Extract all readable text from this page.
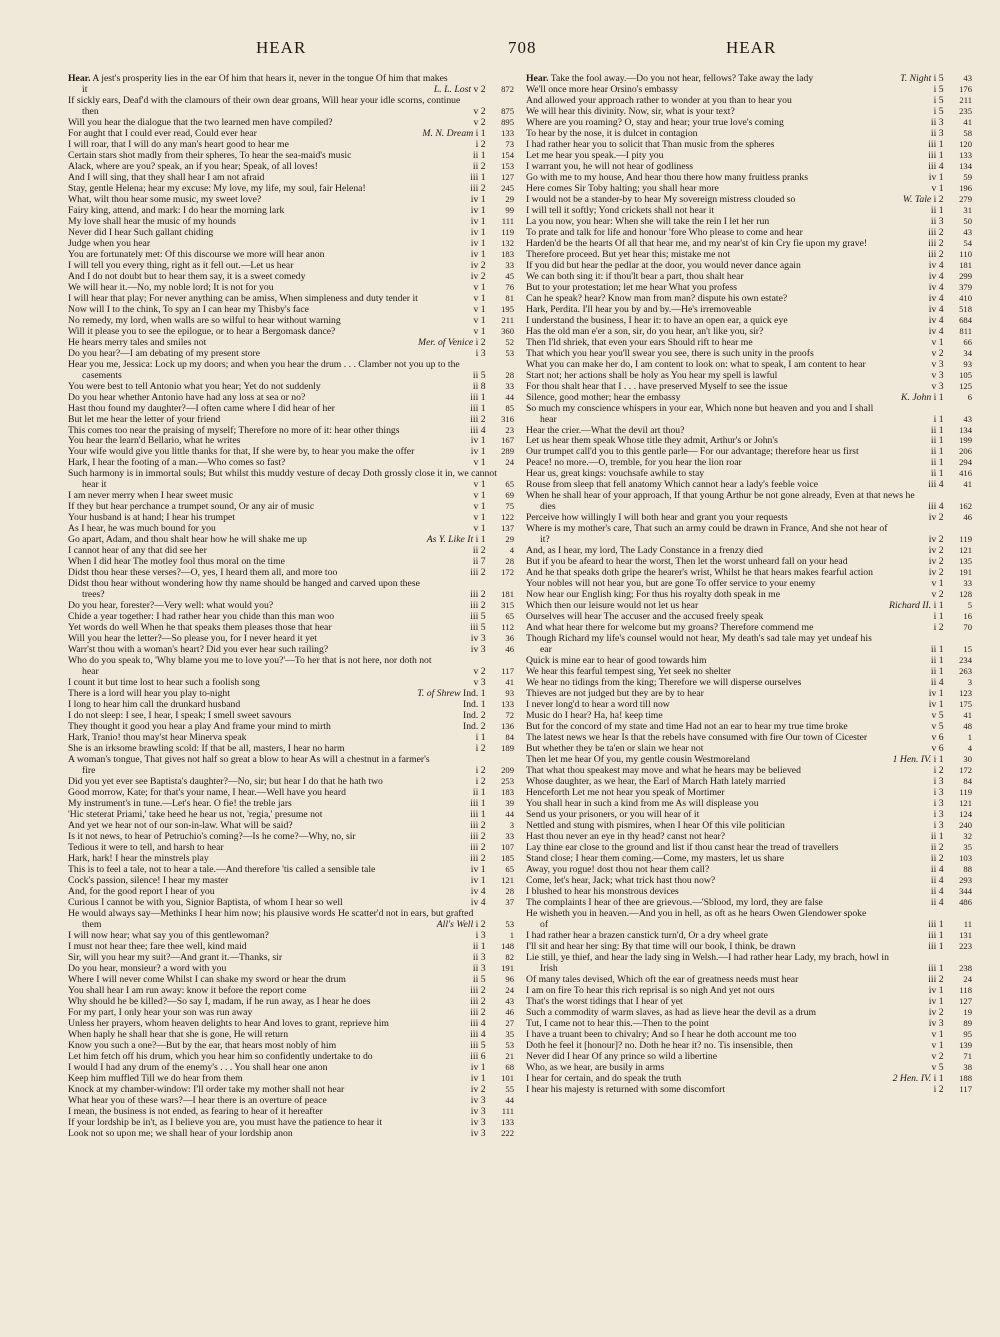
HEAR	708	HEAR
Hear. A jest's prosperity lies in the ear Of him that hears it, never in the tongue Of him that makes it	L. L. Lost v 2 872
If sickly ears, Deaf'd with the clamours of their own dear groans, Will hear your idle scorns, continue then	v 2 875
Will you hear the dialogue that the two learned men have compiled?	v 2 895
For aught that I could ever read, Could ever hear	M. N. Dream i 1 133
I will roar, that I will do any man's heart good to hear me	i 2 73
Certain stars shot madly from their spheres, To hear the sea-maid's music	ii 1 154
Alack, where are you? speak, an if you hear; Speak, of all loves!	ii 2 153
And I will sing, that they shall hear I am not afraid	iii 1 127
Stay, gentle Helena; hear my excuse: My love, my life, my soul, fair Helena!	iii 2 245
What, wilt thou hear some music, my sweet love?	iv 1 29
Fairy king, attend, and mark: I do hear the morning lark	iv 1 99
My love shall hear the music of my hounds	iv 1 111
Never did I hear Such gallant chiding	iv 1 119
Judge when you hear	iv 1 132
You are fortunately met: Of this discourse we more will hear anon	iv 1 183
I will tell you every thing, right as it fell out.—Let us hear	iv 2 33
And I do not doubt but to hear them say, it is a sweet comedy	iv 2 45
We will hear it.—No, my noble lord; It is not for you	v 1 76
I will hear that play; For never anything can be amiss, When simpleness and duty tender it	v 1 81
Now will I to the chink, To spy an I can hear my Thisby's face	v 1 195
No remedy, my lord, when walls are so wilful to hear without warning	v 1 211
Will it please you to see the epilogue, or to hear a Bergomask dance?	v 1 360
He hears merry tales and smiles not	Mer. of Venice i 2 52
Do you hear?—I am debating of my present store	i 3 53
Hear you me, Jessica: Lock up my doors; and when you hear the drum . . . Clamber not you up to the casements	ii 5 28
You were best to tell Antonio what you hear; Yet do not suddenly	ii 8 33
Do you hear whether Antonio have had any loss at sea or no?	iii 1 44
Hast thou found my daughter?—I often came where I did hear of her	iii 1 85
But let me hear the letter of your friend	iii 2 316
This comes too near the praising of myself; Therefore no more of it: hear other things	iii 4 23
You hear the learn'd Bellario, what he writes	iv 1 167
Your wife would give you little thanks for that, If she were by, to hear you make the offer	iv 1 289
Hark, I hear the footing of a man.—Who comes so fast?	v 1 24
Such harmony is in immortal souls; But whilst this muddy vesture of decay Doth grossly close it in, we cannot hear it	v 1 65
I am never merry when I hear sweet music	v 1 69
If they but hear perchance a trumpet sound, Or any air of music	v 1 75
Your husband is at hand; I hear his trumpet	v 1 122
As I hear, he was much bound for you	v 1 137
Go apart, Adam, and thou shalt hear how he will shake me up	As Y. Like It i 1 29
I cannot hear of any that did see her	ii 2	4
When I did hear The motley fool thus moral on the time	ii 7 28
Didst thou hear these verses?—O, yes, I heard them all, and more too	iii 2 172
Didst thou hear without wondering how thy name should be hanged and carved upon these trees?	iii 2 181
Do you hear, forester?—Very well: what would you?	iii 2 315
Chide a year together: I had rather hear you chide than this man woo	iii 5 65
Yet words do well When he that speaks them pleases those that hear	iii 5 112
Will you hear the letter?—So please you, for I never heard it yet	iv 3 36
Warr'st thou with a woman's heart? Did you ever hear such railing?	iv 3 46
Who do you speak to, 'Why blame you me to love you?'—To her that is not here, nor doth not hear	v 2 117
I count it but time lost to hear such a foolish song	v 3 41
There is a lord will hear you play to-night	T. of Shrew Ind. 1 93
I long to hear him call the drunkard husband	Ind. 1 133
I do not sleep: I see, I hear, I speak; I smell sweet savours	Ind. 2 72
They thought it good you hear a play And frame your mind to mirth	Ind. 2 136
Hark, Tranio! thou may'st hear Minerva speak	i 1 84
She is an irksome brawling scold: If that be all, masters, I hear no harm	i 2 189
A woman's tongue, That gives not half so great a blow to hear As will a chestnut in a farmer's fire	i 2 209
Did you yet ever see Baptista's daughter?—No, sir; but hear I do that he hath two	i 2 253
Good morrow, Kate; for that's your name, I hear.—Well have you heard	ii 1 183
My instrument's in tune.—Let's hear. O fie! the treble jars	iii 1 39
'Hic steterat Priami,' take heed he hear us not, 'regia,' presume not	iii 1 44
And yet we hear not of our son-in-law. What will be said?	iii 2	3
Is it not news, to hear of Petruchio's coming?—Is he come?—Why, no, sir	iii 2 33
Tedious it were to tell, and harsh to hear	iii 2 107
Hark, hark! I hear the minstrels play	iii 2 185
This is to feel a tale, not to hear a tale.—And therefore 'tis called a sensible tale	iv 1 65
Cock's passion, silence! I hear my master	iv 1 121
And, for the good report I hear of you	iv 4 28
Curious I cannot be with you, Signior Baptista, of whom I hear so well	iv 4 37
He would always say—Methinks I hear him now; his plausive words He scatter'd not in ears, but grafted them	All's Well i 2 53
I will now hear; what say you of this gentlewoman?	i 3	1
I must not hear thee; fare thee well, kind maid	ii 1 148
Sir, will you hear my suit?—And grant it.—Thanks, sir	ii 3 82
Do you hear, monsieur? a word with you	ii 3 191
Where I will never come Whilst I can shake my sword or hear the drum	ii 5 96
You shall hear I am run away: know it before the report come	iii 2 24
Why should he be killed?—So say I, madam, if he run away, as I hear he does	iii 2 43
For my part, I only hear your son was run away	iii 2 46
Unless her prayers, whom heaven delights to hear And loves to grant, reprieve him	iii 4 27
When haply he shall hear that she is gone, He will return	iii 4 35
Know you such a one?—But by the ear, that hears most nobly of him	iii 5 53
Let him fetch off his drum, which you hear him so confidently undertake to do	iii 6 21
I would I had any drum of the enemy's . . . You shall hear one anon	iv 1 68
Keep him muffled Till we do hear from them	iv 1 101
Knock at my chamber-window: I'll order take my mother shall not hear	iv 2 55
What hear you of these wars?—I hear there is an overture of peace	iv 3 44
I mean, the business is not ended, as fearing to hear of it hereafter	iv 3 111
If your lordship be in't, as I believe you are, you must have the patience to hear it	iv 3 133
Look not so upon me; we shall hear of your lordship anon	iv 3 222
Hear. Take the fool away.—Do you not hear, fellows? Take away the lady	T. Night i 5 43
We'll once more hear Orsino's embassy	i 5 176
And allowed your approach rather to wonder at you than to hear you	i 5 211
We will hear this divinity. Now, sir, what is your text?	i 5 235
Where are you roaming? O, stay and hear; your true love's coming	ii 3 41
To hear by the nose, it is dulcet in contagion	ii 3 58
I had rather hear you to solicit that Than music from the spheres	iii 1 120
Let me hear you speak.—I pity you	iii 1 133
I warrant you, he will not hear of godliness	iii 4 134
Go with me to my house, And hear thou there how many fruitless pranks	iv 1 59
Here comes Sir Toby halting; you shall hear more	v 1 196
I would not be a stander-by to hear My sovereign mistress clouded so	W. Tale i 2 279
I will tell it softly; Yond crickets shall not hear it	ii 1 31
La you now, you hear: When she will take the rein I let her run	ii 3 50
To prate and talk for life and honour 'fore Who please to come and hear	iii 2 43
Harden'd be the hearts Of all that hear me, and my near'st of kin Cry fie upon my grave!	iii 2 54
Therefore proceed. But yet hear this; mistake me not	iii 2 110
If you did but hear the pedlar at the door, you would never dance again	iv 4 181
We can both sing it: if thou'lt bear a part, thou shalt hear	iv 4 299
But to your protestation; let me hear What you profess	iv 4 379
Can he speak? hear? Know man from man? dispute his own estate?	iv 4 410
Hark, Perdita. I'll hear you by and by.—He's irremoveable	iv 4 518
I understand the business, I hear it: to have an open ear, a quick eye	iv 4 684
Has the old man e'er a son, sir, do you hear, an't like you, sir?	iv 4 811
Then I'ld shriek, that even your ears Should rift to hear me	v 1 66
That which you hear you'll swear you see, there is such unity in the proofs	v 2 34
What you can make her do, I am content to look on: what to speak, I am content to hear	v 3 93
Start not; her actions shall be holy as You hear my spell is lawful	v 3 105
For thou shalt hear that I . . . have preserved Myself to see the issue	v 3 125
Silence, good mother; hear the embassy	K. John i 1	6
So much my conscience whispers in your ear, Which none but heaven and you and I shall hear	i 1 43
Hear the crier.—What the devil art thou?	ii 1 134
Let us hear them speak Whose title they admit, Arthur's or John's	ii 1 199
Our trumpet call'd you to this gentle parle— For our advantage; therefore hear us first	ii 1 206
Peace! no more.—O, tremble, for you hear the lion roar	ii 1 294
Hear us, great kings: vouchsafe awhile to stay	ii 1 416
Rouse from sleep that fell anatomy Which cannot hear a lady's feeble voice	iii 4 41
When he shall hear of your approach, If that young Arthur be not gone already, Even at that news he dies	iii 4 162
Perceive how willingly I will both hear and grant you your requests	iv 2 46
Where is my mother's care, That such an army could be drawn in France, And she not hear of it?	iv 2 119
And, as I hear, my lord, The Lady Constance in a frenzy died	iv 2 121
But if you be afeard to hear the worst, Then let the worst unheard fall on your head	iv 2 135
And he that speaks doth gripe the hearer's wrist, Whilst he that hears makes fearful action	iv 2 191
Your nobles will not hear you, but are gone To offer service to your enemy	v 1 33
Now hear our English king; For thus his royalty doth speak in me	v 2 128
Which then our leisure would not let us hear	Richard II. i 1	5
Ourselves will hear The accuser and the accused freely speak	i 1 16
And what hear there for welcome but my groans? Therefore commend me	i 2 70
Though Richard my life's counsel would not hear, My death's sad tale may yet undeaf his ear	ii 1 15
Quick is mine ear to hear of good towards him	ii 1 234
We hear this fearful tempest sing, Yet seek no shelter	ii 1 263
We hear no tidings from the king; Therefore we will disperse ourselves	ii 4	3
Thieves are not judged but they are by to hear	iv 1 123
I never long'd to hear a word till now	iv 1 175
Music do I hear? Ha, ha! keep time	v 5 41
But for the concord of my state and time Had not an ear to hear my true time broke	v 5 48
The latest news we hear Is that the rebels have consumed with fire Our town of Cicester	v 6	1
But whether they be ta'en or slain we hear not	v 6	4
Then let me hear Of you, my gentle cousin Westmoreland	1 Hen. IV. i 1 30
That what thou speakest may move and what he hears may be believed	i 2 172
Whose daughter, as we hear, the Earl of March Hath lately married	i 3 84
Henceforth Let me not hear you speak of Mortimer	i 3 119
You shall hear in such a kind from me As will displease you	i 3 121
Send us your prisoners, or you will hear of it	i 3 124
Nettled and stung with pismires, when I hear Of this vile politician	i 3 240
Hast thou never an eye in thy head? canst not hear?	ii 1 32
Lay thine ear close to the ground and list if thou canst hear the tread of travellers	ii 2 35
Stand close; I hear them coming.—Come, my masters, let us share	ii 2 103
Away, you rogue! dost thou not hear them call?	ii 4 88
Come, let's hear, Jack; what trick hast thou now?	ii 4 293
I blushed to hear his monstrous devices	ii 4 344
The complaints I hear of thee are grievous.—'Sblood, my lord, they are false	ii 4 486
He wisheth you in heaven.—And you in hell, as oft as he hears Owen Glendower spoke of	iii 1 11
I had rather hear a brazen canstick turn'd, Or a dry wheel grate	iii 1 131
I'll sit and hear her sing: By that time will our book, I think, be drawn	iii 1 223
Lie still, ye thief, and hear the lady sing in Welsh.—I had rather hear Lady, my brach, howl in Irish	iii 1 238
Of many tales devised, Which oft the ear of greatness needs must hear	iii 2 24
I am on fire To hear this rich reprisal is so nigh And yet not ours	iv 1 118
That's the worst tidings that I hear of yet	iv 1 127
Such a commodity of warm slaves, as had as lieve hear the devil as a drum	iv 2 19
Tut, I came not to hear this.—Then to the point	iv 3 89
I have a truant been to chivalry; And so I hear he doth account me too	v 1 95
Doth he feel it [honour]? no. Doth he hear it? no. Tis insensible, then	v 1 139
Never did I hear Of any prince so wild a libertine	v 2 71
Who, as we hear, are busily in arms	v 5 38
I hear for certain, and do speak the truth	2 Hen. IV. i 1 188
I hear his majesty is returned with some discomfort	i 2 117
